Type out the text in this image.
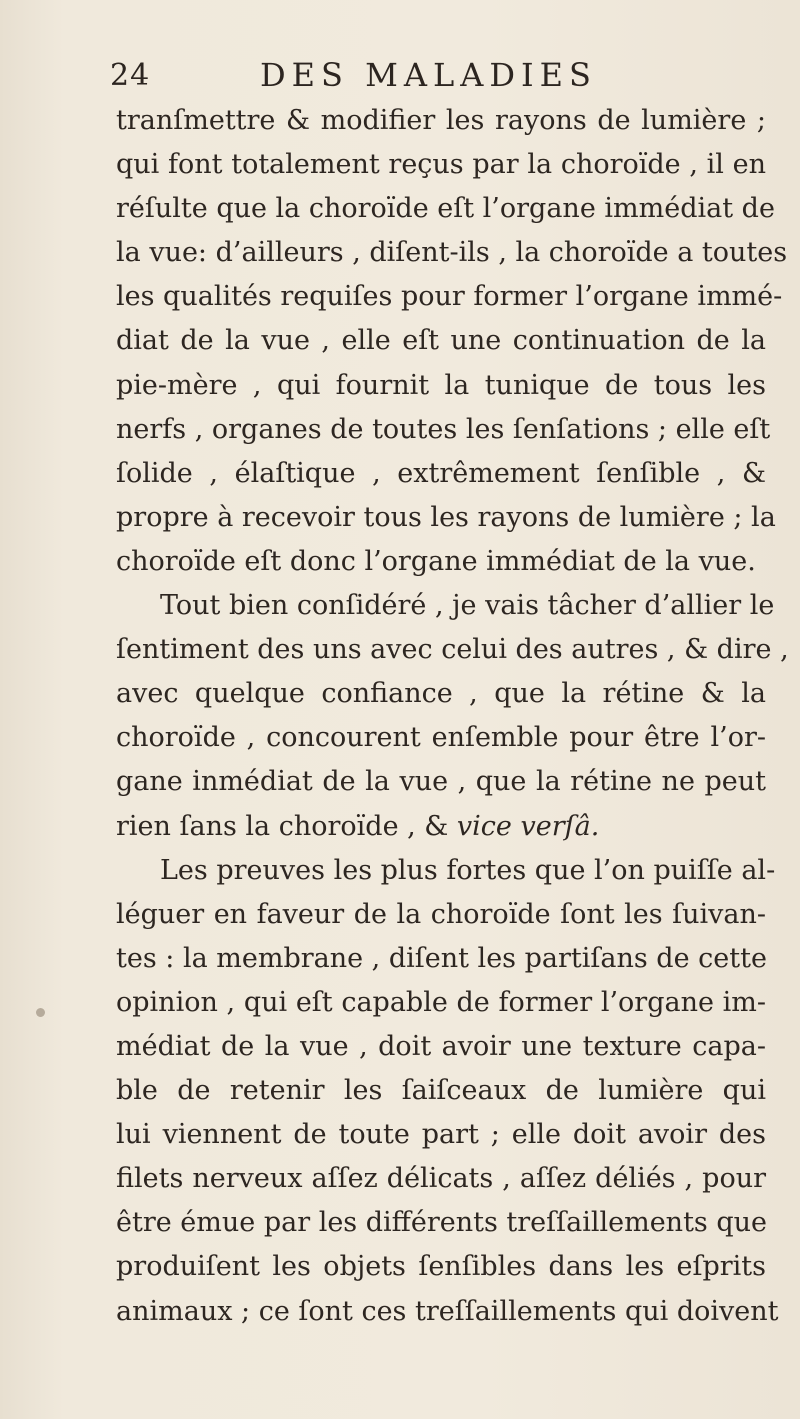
24	DES MALADIES
tranſmettre & modifier les rayons de lumière ;
qui font totalement reçus par la choroïde , il en
réſulte que la choroïde eſt l’organe immédiat de
la vue: d’ailleurs , diſent-ils , la choroïde a toutes
les qualités requiſes pour former l’organe immé-
diat de la vue , elle eſt une continuation de la
pie-mère , qui fournit la tunique de tous les
nerfs , organes de toutes les ſenſations ; elle eſt
ſolide , élaſtique , extrêmement ſenſible , &
propre à recevoir tous les rayons de lumière ; la
choroïde eſt donc l’organe immédiat de la vue.
Tout bien conſidéré , je vais tâcher d’allier le
ſentiment des uns avec celui des autres , & dire ,
avec quelque confiance , que la rétine & la
choroïde , concourent enſemble pour être l’or-
gane inmédiat de la vue , que la rétine ne peut
rien ſans la choroïde , & vice verſâ.
Les preuves les plus fortes que l’on puiſſe al-
léguer en faveur de la choroïde ſont les ſuivan-
tes : la membrane , diſent les partiſans de cette
opinion , qui eſt capable de former l’organe im-
médiat de la vue , doit avoir une texture capa-
ble de retenir les ſaiſceaux de lumière qui
lui viennent de toute part ; elle doit avoir des
filets nerveux aſſez délicats , aſſez déliés , pour
être émue par les différents treſſaillements que
produiſent les objets ſenſibles dans les eſprits
animaux ; ce ſont ces treſſaillements qui doivent
